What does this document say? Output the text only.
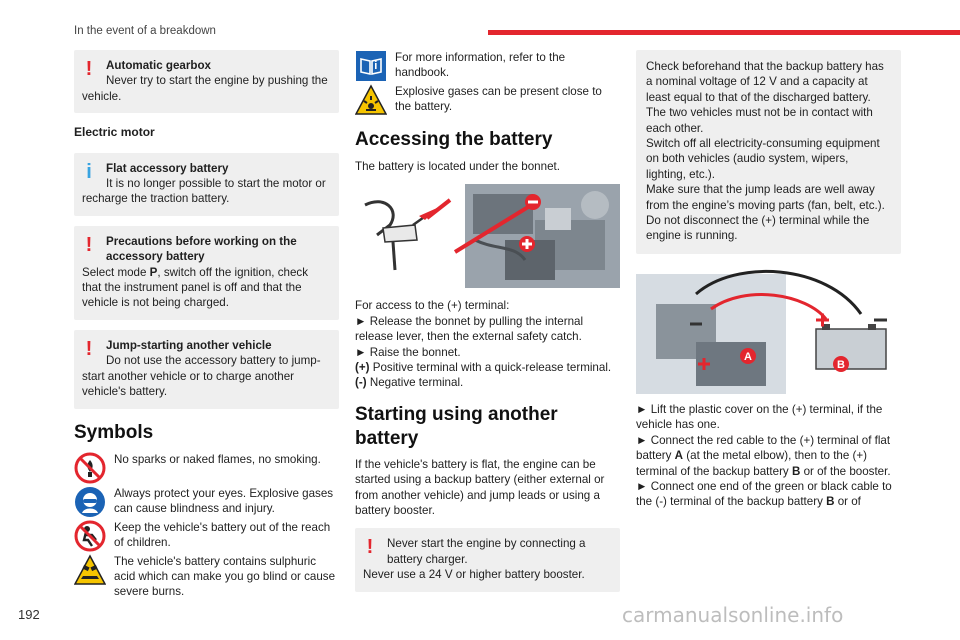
In the event of a breakdown
!	Automatic gearbox
Never try to start the engine by pushing the vehicle.
Electric motor
i	Flat accessory battery
It is no longer possible to start the motor or recharge the traction battery.
!	Precautions before working on the
accessory battery
Select mode P, switch off the ignition, check that the instrument panel is off and that the vehicle is not being charged.
!	Jump-starting another vehicle
Do not use the accessory battery to jump-start another vehicle or to charge another vehicle's battery.
Symbols
No sparks or naked flames, no smoking.
Always protect your eyes. Explosive gases can cause blindness and injury.
Keep the vehicle's battery out of the reach of children.
The vehicle's battery contains sulphuric acid which can make you go blind or cause severe burns.
For more information, refer to the handbook.
Explosive gases can be present close to the battery.
Accessing the battery
The battery is located under the bonnet.
For access to the (+) terminal:
► Release the bonnet by pulling the internal release lever, then the external safety catch.
► Raise the bonnet.
(+) Positive terminal with a quick-release terminal.
(-) Negative terminal.
Starting using another battery
If the vehicle's battery is flat, the engine can be started using a backup battery (either external or from another vehicle) and jump leads or using a battery booster.
!	Never start the engine by connecting a battery charger.
Never use a 24 V or higher battery booster.
Check beforehand that the backup battery has a nominal voltage of 12 V and a capacity at least equal to that of the discharged battery.
The two vehicles must not be in contact with each other.
Switch off all electricity-consuming equipment on both vehicles (audio system, wipers, lighting, etc.).
Make sure that the jump leads are well away from the engine’s moving parts (fan, belt, etc.).
Do not disconnect the (+) terminal while the engine is running.
A
B
► Lift the plastic cover on the (+) terminal, if the vehicle has one.
► Connect the red cable to the (+) terminal of flat battery A (at the metal elbow), then to the (+) terminal of the backup battery B or of the booster.
► Connect one end of the green or black cable to the (-) terminal of the backup battery B or of
192	carmanualsonline.info
